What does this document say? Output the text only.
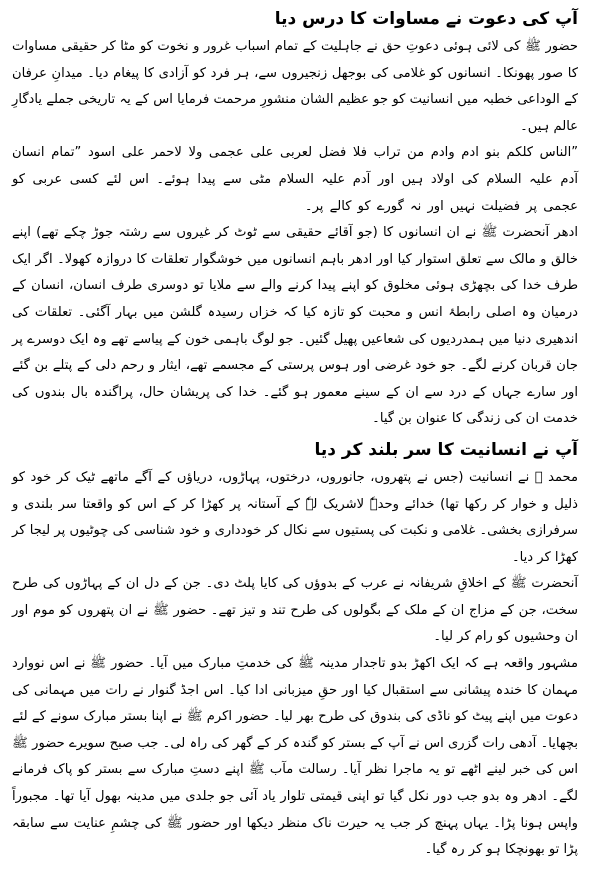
آپ کی دعوت نے مساوات کا درس دیا

حضور ﷺ کی لائی ہوئی دعوتِ حق نے جاہلیت کے تمام اسباب غرور و نخوت کو مٹا کر حقیقی مساوات کا صور پھونکا۔ انسانوں کو غلامی کی بوجھل زنجیروں سے، ہر فرد کو آزادی کا پیغام دیا۔ میدانِ عرفان کے الوداعی خطبہ میں انسانیت کو جو عظیم الشان منشورِ مرحمت فرمایا اس کے یہ تاریخی جملے یادگارِ عالم ہیں۔

”الناس كلكم بنو ادم وادم من تراب فلا فضل لعربی علی عجمی ولا لاحمر علی اسود ”تمام انسان آدم علیہ السلام کی اولاد ہیں اور آدم علیہ السلام مٹی سے پیدا ہوئے۔ اس لئے کسی عربی کو عجمی پر فضیلت نہیں اور نہ گورے کو کالے پر۔

ادھر آنحضرت ﷺ نے ان انسانوں کا (جو آقائے حقیقی سے ٹوٹ کر غیروں سے رشتہ جوڑ چکے تھے) اپنے خالق و مالک سے تعلق استوار کیا اور ادھر باہم انسانوں میں خوشگوار تعلقات کا دروازہ کھولا۔ اگر ایک طرف خدا کی بچھڑی ہوئی مخلوق کو اپنے پیدا کرنے والے سے ملایا تو دوسری طرف انسان، انسان کے درمیان وہ اصلی رابطۂ انس و محبت کو تازہ کیا کہ خزاں رسیدہ گلشن میں بہار آگئی۔ تعلقات کی اندھیری دنیا میں ہمدردیوں کی شعاعیں پھیل گئیں۔ جو لوگ باہمی خون کے پیاسے تھے وہ ایک دوسرے پر جان قربان کرنے لگے۔ جو خود غرضی اور ہوس پرستی کے مجسمے تھے، ایثار و رحم دلی کے پتلے بن گئے اور سارے جہاں کے درد سے ان کے سینے معمور ہو گئے۔ خدا کی پریشان حال، پراگندہ بال بندوں کی خدمت ان کی زندگی کا عنوان بن گیا۔

آپ نے انسانیت کا سر بلند کر دیا

محمد ﷺ نے انسانیت (جس نے پتھروں، جانوروں، درختوں، پہاڑوں، دریاؤں کے آگے ماتھے ٹیک کر خود کو ذلیل و خوار کر رکھا تھا) خدائے وحدہٗ لاشریک لہٗ کے آستانہ پر کھڑا کر کے اس کو واقعتا سر بلندی و سرفرازی بخشی۔ غلامی و نکبت کی پستیوں سے نکال کر خودداری و خود شناسی کی چوٹیوں پر لیجا کر کھڑا کر دیا۔

آنحضرت ﷺ کے اخلاقِ شریفانہ نے عرب کے بدوؤں کی کایا پلٹ دی۔ جن کے دل ان کے پہاڑوں کی طرح سخت، جن کے مزاج ان کے ملک کے بگولوں کی طرح تند و تیز تھے۔ حضور ﷺ نے ان پتھروں کو موم اور ان وحشیوں کو رام کر لیا۔

مشہور واقعہ ہے کہ ایک اکھڑ بدو تاجدار مدینہ ﷺ کی خدمتِ مبارک میں آیا۔ حضور ﷺ نے اس نووارد مہمان کا خندہ پیشانی سے استقبال کیا اور حقِ میزبانی ادا کیا۔ اس اجڈ گنوار نے رات میں مہمانی کی دعوت میں اپنے پیٹ کو ناڈی کی بندوق کی طرح بھر لیا۔ حضور اکرم ﷺ نے اپنا بستر مبارک سونے کے لئے بچھایا۔ آدھی رات گزری اس نے آپ کے بستر کو گندہ کر کے گھر کی راہ لی۔ جب صبح سویرے حضور ﷺ اس کی خبر لینے اٹھے تو یہ ماجرا نظر آیا۔ رسالت مآب ﷺ اپنے دستِ مبارک سے بستر کو پاک فرمانے لگے۔ ادھر وہ بدو جب دور نکل گیا تو اپنی قیمتی تلوار یاد آئی جو جلدی میں مدینہ بھول آیا تھا۔ مجبوراً واپس ہونا پڑا۔ یہاں پہنچ کر جب یہ حیرت ناک منظر دیکھا اور حضور ﷺ کی چشمِ عنایت سے سابقہ پڑا تو بھونچکا ہو کر رہ گیا۔
